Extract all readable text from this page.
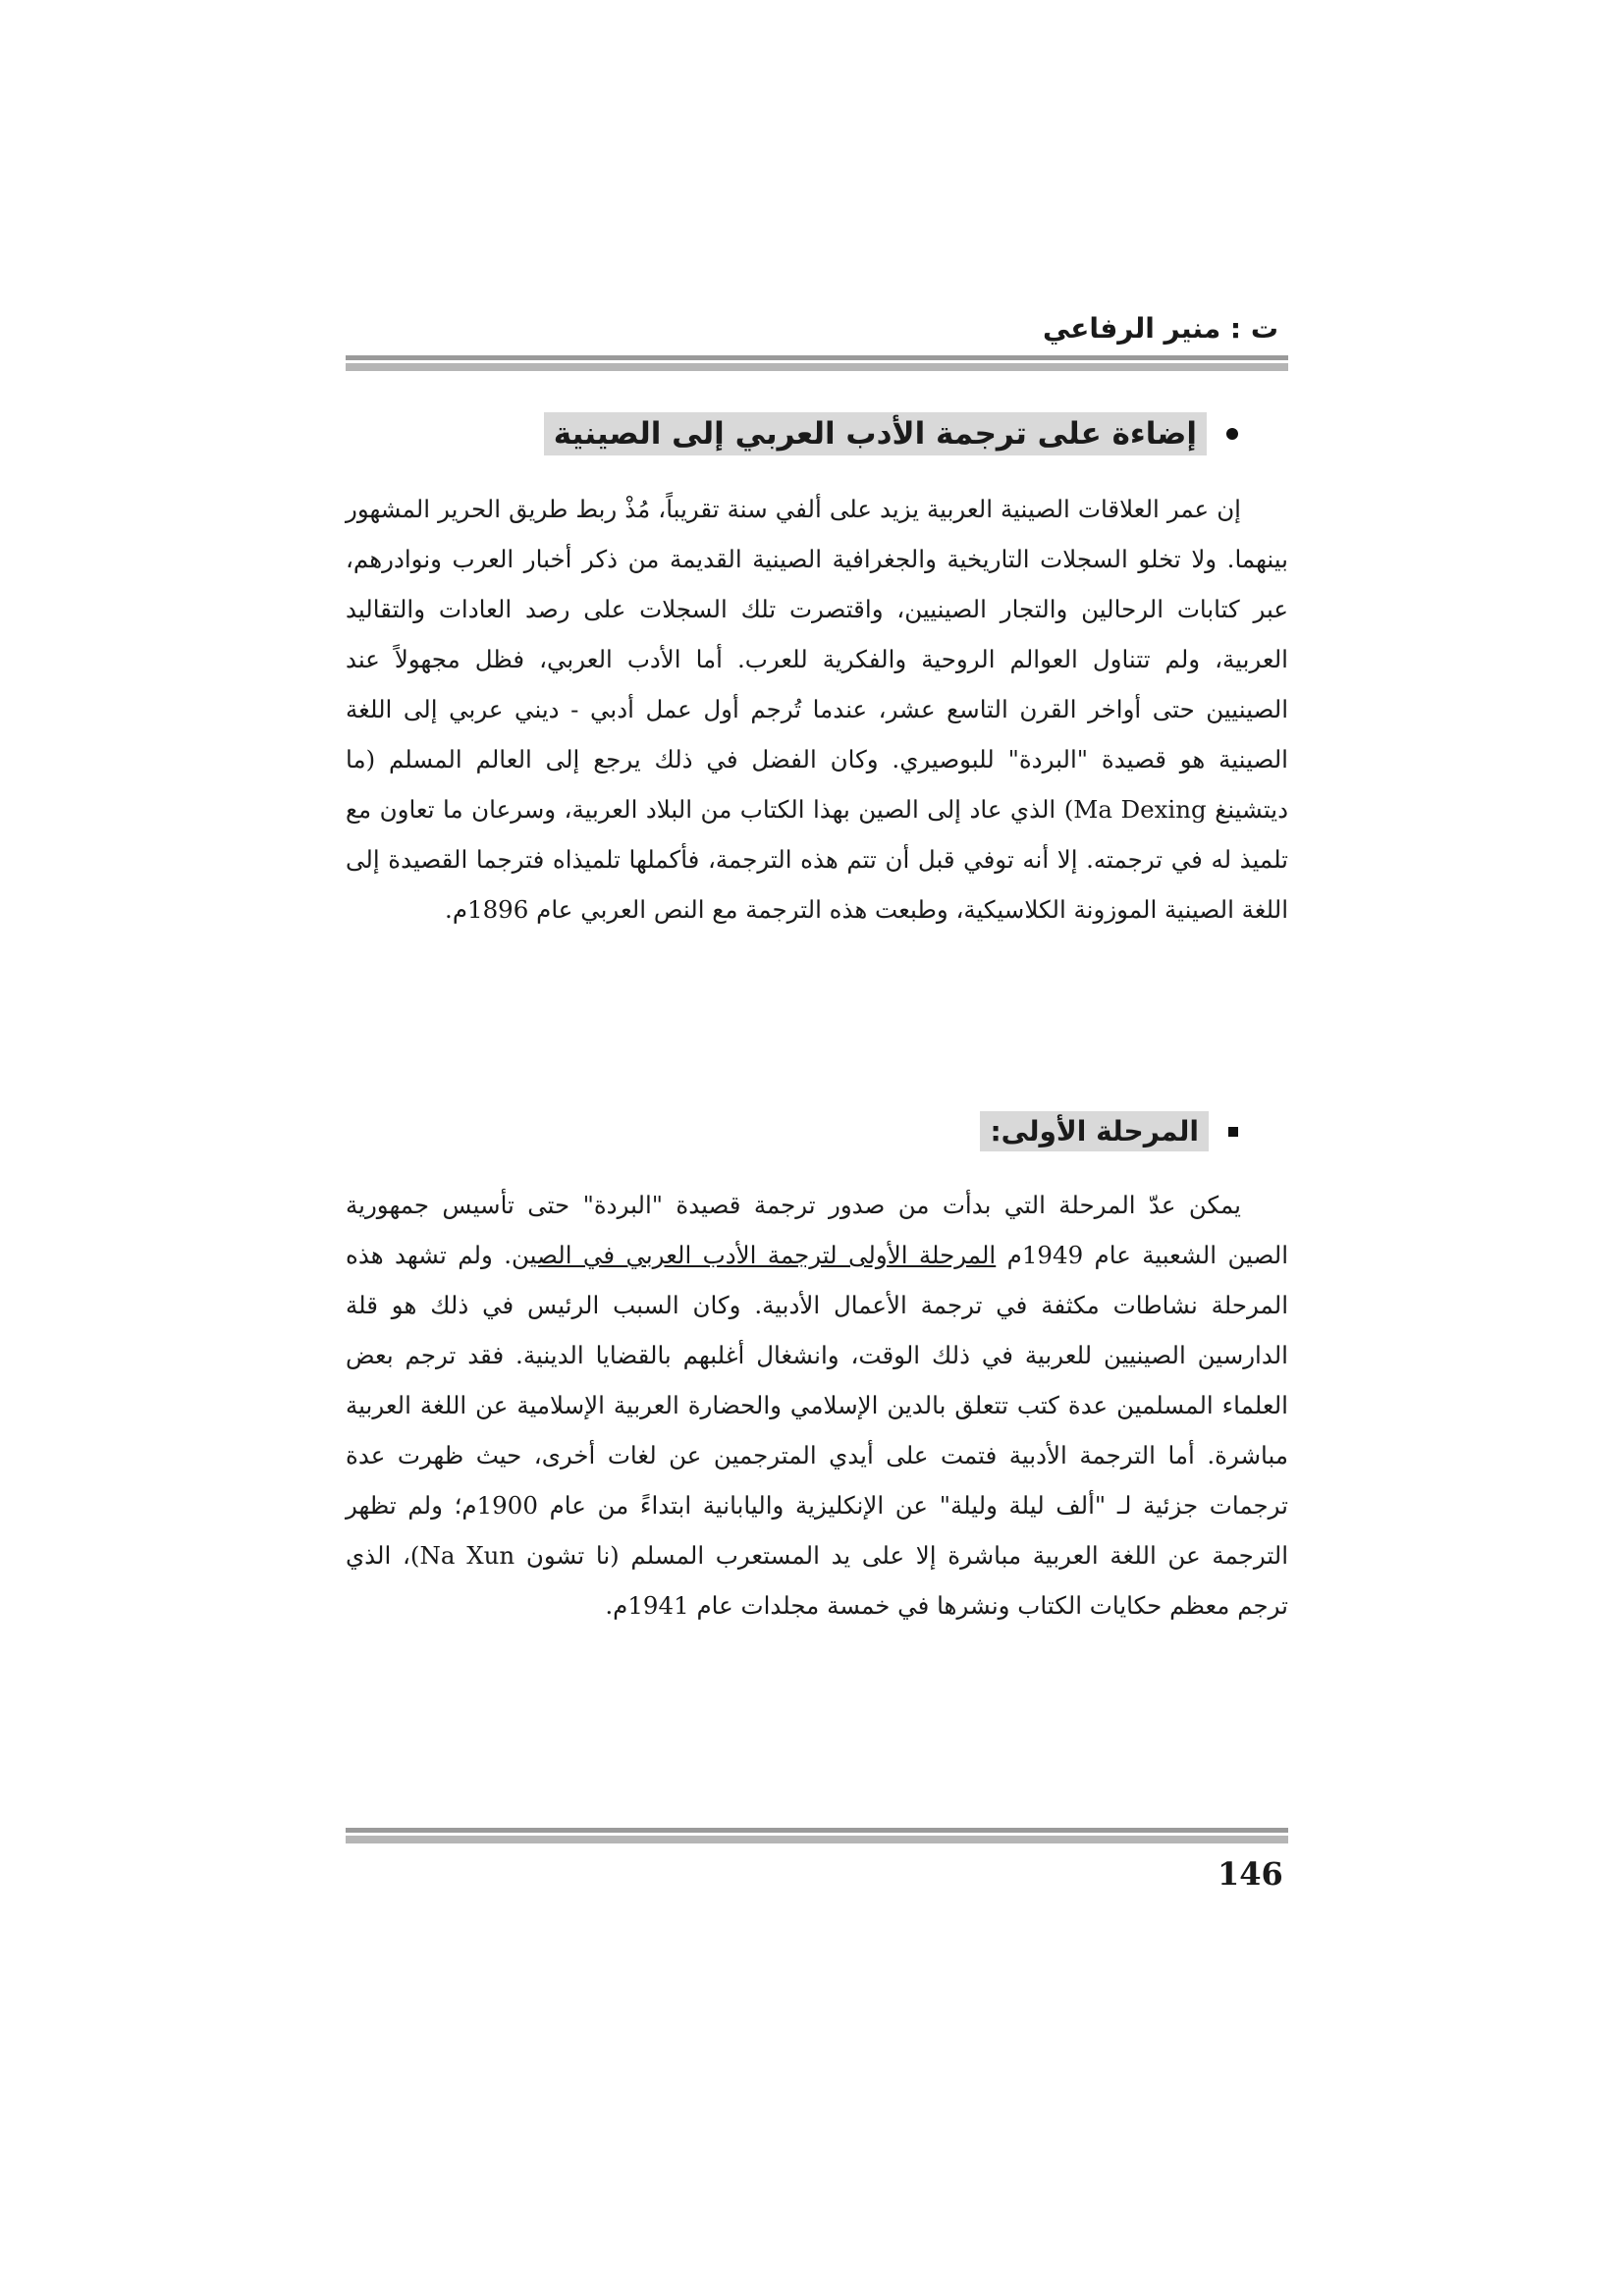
ت : منير الرفاعي
إضاءة على ترجمة الأدب العربي إلى الصينية

إن عمر العلاقات الصينية العربية يزيد على ألفي سنة تقريباً، مُذْ ربط طريق الحرير المشهور بينهما. ولا تخلو السجلات التاريخية والجغرافية الصينية القديمة من ذكر أخبار العرب ونوادرهم، عبر كتابات الرحالين والتجار الصينيين، واقتصرت تلك السجلات على رصد العادات والتقاليد العربية، ولم تتناول العوالم الروحية والفكرية للعرب. أما الأدب العربي، فظل مجهولاً عند الصينيين حتى أواخر القرن التاسع عشر، عندما تُرجم أول عمل أدبي - ديني عربي إلى اللغة الصينية هو قصيدة "البردة" للبوصيري. وكان الفضل في ذلك يرجع إلى العالم المسلم (ما ديتشينغ Ma Dexing) الذي عاد إلى الصين بهذا الكتاب من البلاد العربية، وسرعان ما تعاون مع تلميذ له في ترجمته. إلا أنه توفي قبل أن تتم هذه الترجمة، فأكملها تلميذاه فترجما القصيدة إلى اللغة الصينية الموزونة الكلاسيكية، وطبعت هذه الترجمة مع النص العربي عام 1896م.

المرحلة الأولى:

يمكن عدّ المرحلة التي بدأت من صدور ترجمة قصيدة "البردة" حتى تأسيس جمهورية الصين الشعبية عام 1949م المرحلة الأولى لترجمة الأدب العربي في الصين. ولم تشهد هذه المرحلة نشاطات مكثفة في ترجمة الأعمال الأدبية. وكان السبب الرئيس في ذلك هو قلة الدارسين الصينيين للعربية في ذلك الوقت، وانشغال أغلبهم بالقضايا الدينية. فقد ترجم بعض العلماء المسلمين عدة كتب تتعلق بالدين الإسلامي والحضارة العربية الإسلامية عن اللغة العربية مباشرة. أما الترجمة الأدبية فتمت على أيدي المترجمين عن لغات أخرى، حيث ظهرت عدة ترجمات جزئية لـ "ألف ليلة وليلة" عن الإنكليزية واليابانية ابتداءً من عام 1900م؛ ولم تظهر الترجمة عن اللغة العربية مباشرة إلا على يد المستعرب المسلم (نا تشون Na Xun)، الذي ترجم معظم حكايات الكتاب ونشرها في خمسة مجلدات عام 1941م.

146
